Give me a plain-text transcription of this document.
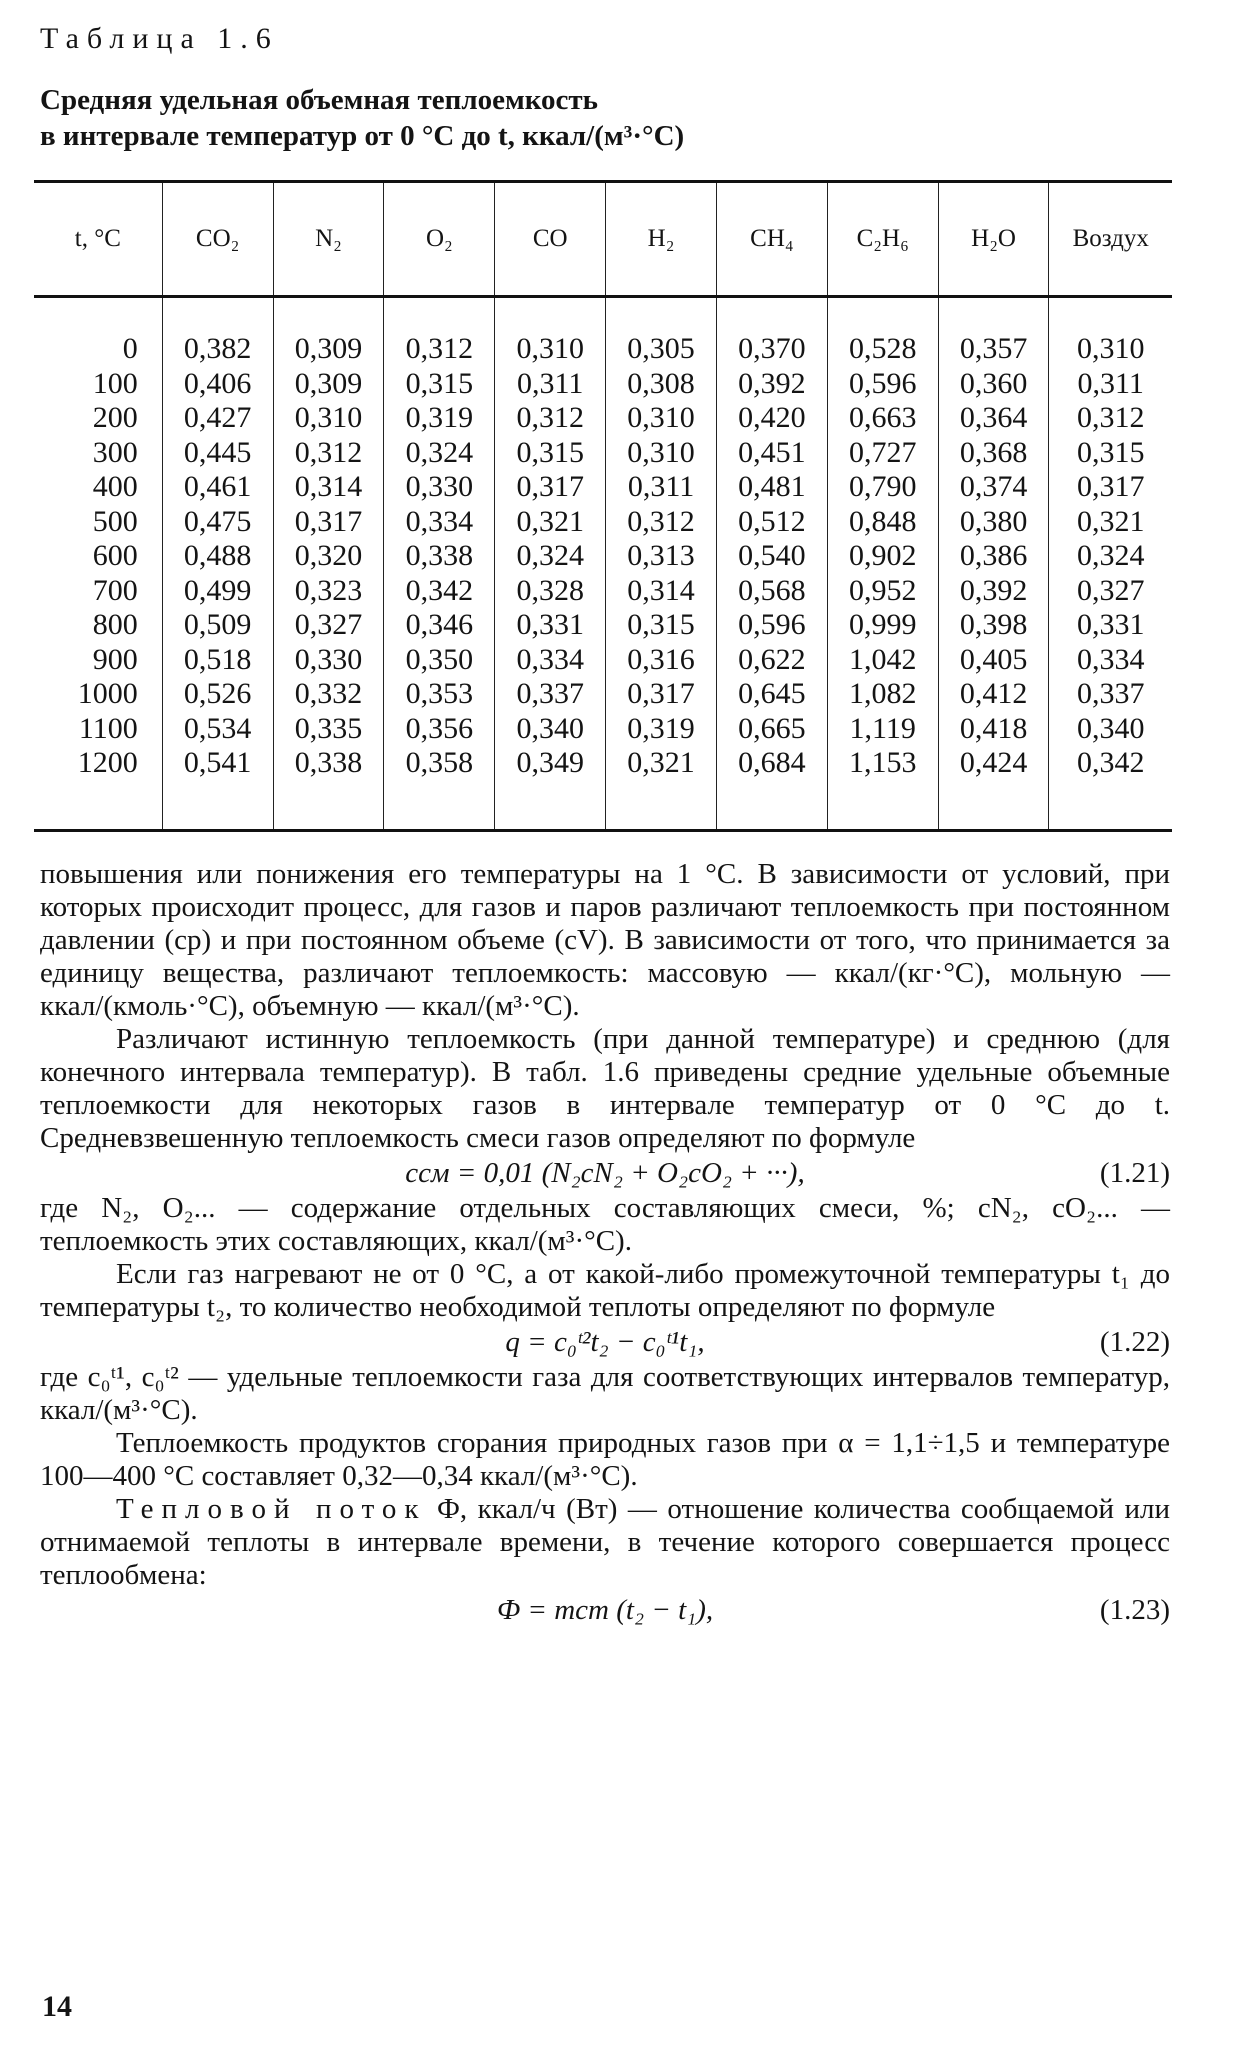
Таблица 1.6
Средняя удельная объемная теплоемкость
в интервале температур от 0 °C до t, ккал/(м³·°C)
t, °C	CO₂	N₂	O₂	CO	H₂	CH₄	C₂H₆	H₂O	Воздух
0	0,382	0,309	0,312	0,310	0,305	0,370	0,528	0,357	0,310
100	0,406	0,309	0,315	0,311	0,308	0,392	0,596	0,360	0,311
200	0,427	0,310	0,319	0,312	0,310	0,420	0,663	0,364	0,312
300	0,445	0,312	0,324	0,315	0,310	0,451	0,727	0,368	0,315
400	0,461	0,314	0,330	0,317	0,311	0,481	0,790	0,374	0,317
500	0,475	0,317	0,334	0,321	0,312	0,512	0,848	0,380	0,321
600	0,488	0,320	0,338	0,324	0,313	0,540	0,902	0,386	0,324
700	0,499	0,323	0,342	0,328	0,314	0,568	0,952	0,392	0,327
800	0,509	0,327	0,346	0,331	0,315	0,596	0,999	0,398	0,331
900	0,518	0,330	0,350	0,334	0,316	0,622	1,042	0,405	0,334
1000	0,526	0,332	0,353	0,337	0,317	0,645	1,082	0,412	0,337
1100	0,534	0,335	0,356	0,340	0,319	0,665	1,119	0,418	0,340
1200	0,541	0,338	0,358	0,349	0,321	0,684	1,153	0,424	0,342

повышения или понижения его температуры на 1 °C. В зависимости от условий, при которых происходит процесс, для газов и паров различают теплоемкость при постоянном давлении (cp) и при постоянном объеме (cV). В зависимости от того, что принимается за единицу вещества, различают теплоемкость: массовую — ккал/(кг·°C), мольную — ккал/(кмоль·°C), объемную — ккал/(м³·°C).

Различают истинную теплоемкость (при данной температуре) и среднюю (для конечного интервала температур). В табл. 1.6 приведены средние удельные объемные теплоемкости для некоторых газов в интервале температур от 0 °C до t. Средневзвешенную теплоемкость смеси газов определяют по формуле

cсм = 0,01 (N₂cN₂ + O₂cO₂ + ···),	(1.21)

где N₂, O₂... — содержание отдельных составляющих смеси, %; cN₂, cO₂... — теплоемкость этих составляющих, ккал/(м³·°C).

Если газ нагревают не от 0 °C, а от какой-либо промежуточной температуры t₁ до температуры t₂, то количество необходимой теплоты определяют по формуле

q = c₀ᵗ²t₂ − c₀ᵗ¹t₁,	(1.22)

где c₀ᵗ¹, c₀ᵗ² — удельные теплоемкости газа для соответствующих интервалов температур, ккал/(м³·°C).

Теплоемкость продуктов сгорания природных газов при α = 1,1÷1,5 и температуре 100—400 °C составляет 0,32—0,34 ккал/(м³·°C).

Тепловой поток Ф, ккал/ч (Вт) — отношение количества сообщаемой или отнимаемой теплоты в интервале времени, в течение которого совершается процесс теплообмена:

Ф = mcm (t₂ − t₁),	(1.23)
14
